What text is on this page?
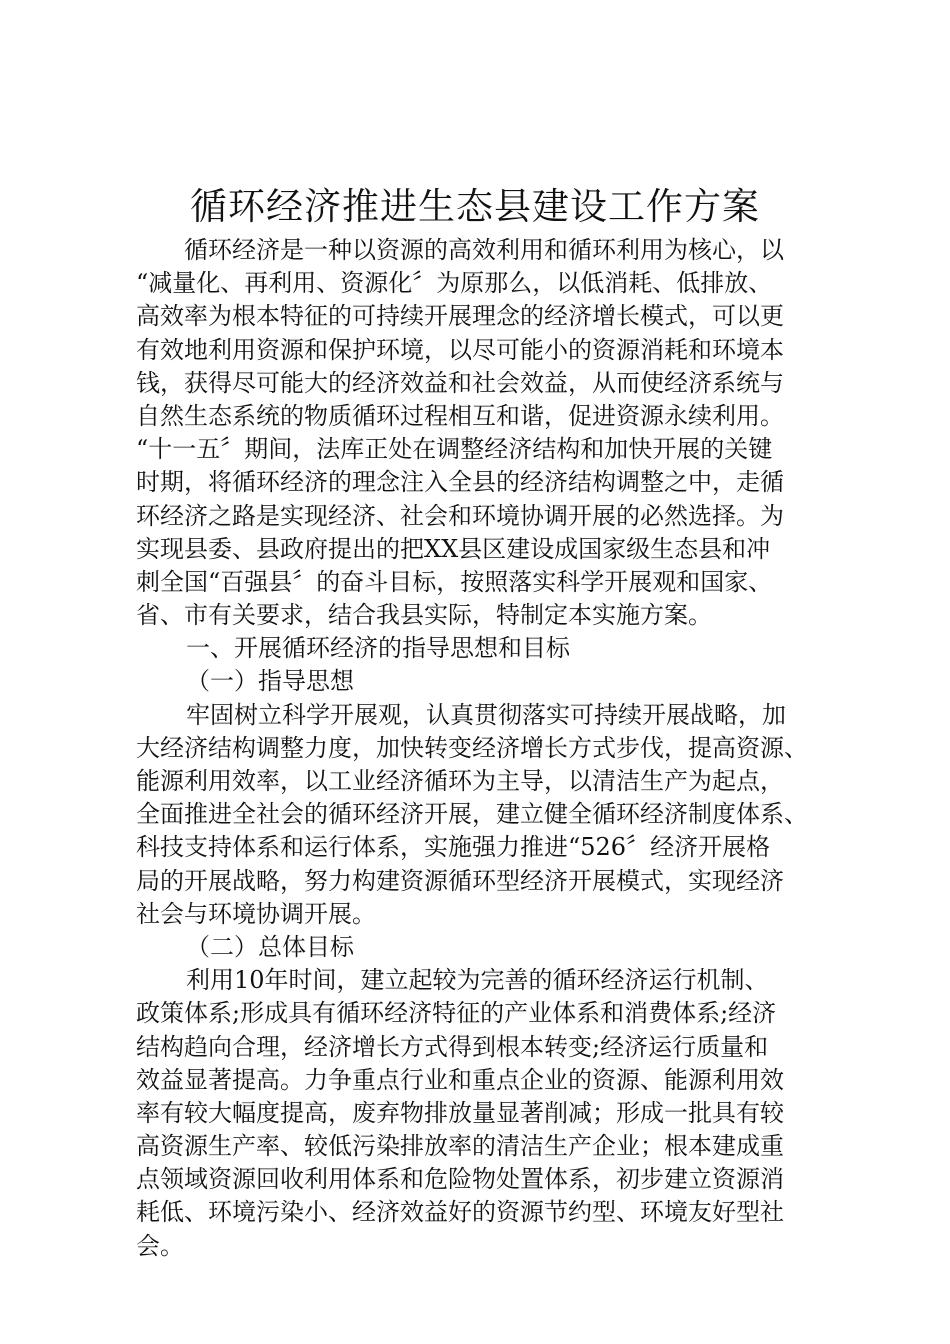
循环经济推进生态县建设工作方案
循环经济是一种以资源的高效利用和循环利用为核心，以
“减量化、再利用、资源化〞为原那么，以低消耗、低排放、
高效率为根本特征的可持续开展理念的经济增长模式，可以更
有效地利用资源和保护环境，以尽可能小的资源消耗和环境本
钱，获得尽可能大的经济效益和社会效益，从而使经济系统与
自然生态系统的物质循环过程相互和谐，促进资源永续利用。
“十一五〞期间，法库正处在调整经济结构和加快开展的关键
时期，将循环经济的理念注入全县的经济结构调整之中，走循
环经济之路是实现经济、社会和环境协调开展的必然选择。为
实现县委、县政府提出的把XX县区建设成国家级生态县和冲
刺全国“百强县〞的奋斗目标，按照落实科学开展观和国家、
省、市有关要求，结合我县实际，特制定本实施方案。
一、开展循环经济的指导思想和目标
（一）指导思想
牢固树立科学开展观，认真贯彻落实可持续开展战略，加
大经济结构调整力度，加快转变经济增长方式步伐，提高资源、
能源利用效率，以工业经济循环为主导，以清洁生产为起点，
全面推进全社会的循环经济开展，建立健全循环经济制度体系、
科技支持体系和运行体系，实施强力推进“526〞经济开展格
局的开展战略，努力构建资源循环型经济开展模式，实现经济
社会与环境协调开展。
（二）总体目标
利用10年时间，建立起较为完善的循环经济运行机制、
政策体系;形成具有循环经济特征的产业体系和消费体系;经济
结构趋向合理，经济增长方式得到根本转变;经济运行质量和
效益显著提高。力争重点行业和重点企业的资源、能源利用效
率有较大幅度提高，废弃物排放量显著削减；形成一批具有较
高资源生产率、较低污染排放率的清洁生产企业；根本建成重
点领域资源回收利用体系和危险物处置体系，初步建立资源消
耗低、环境污染小、经济效益好的资源节约型、环境友好型社
会。
